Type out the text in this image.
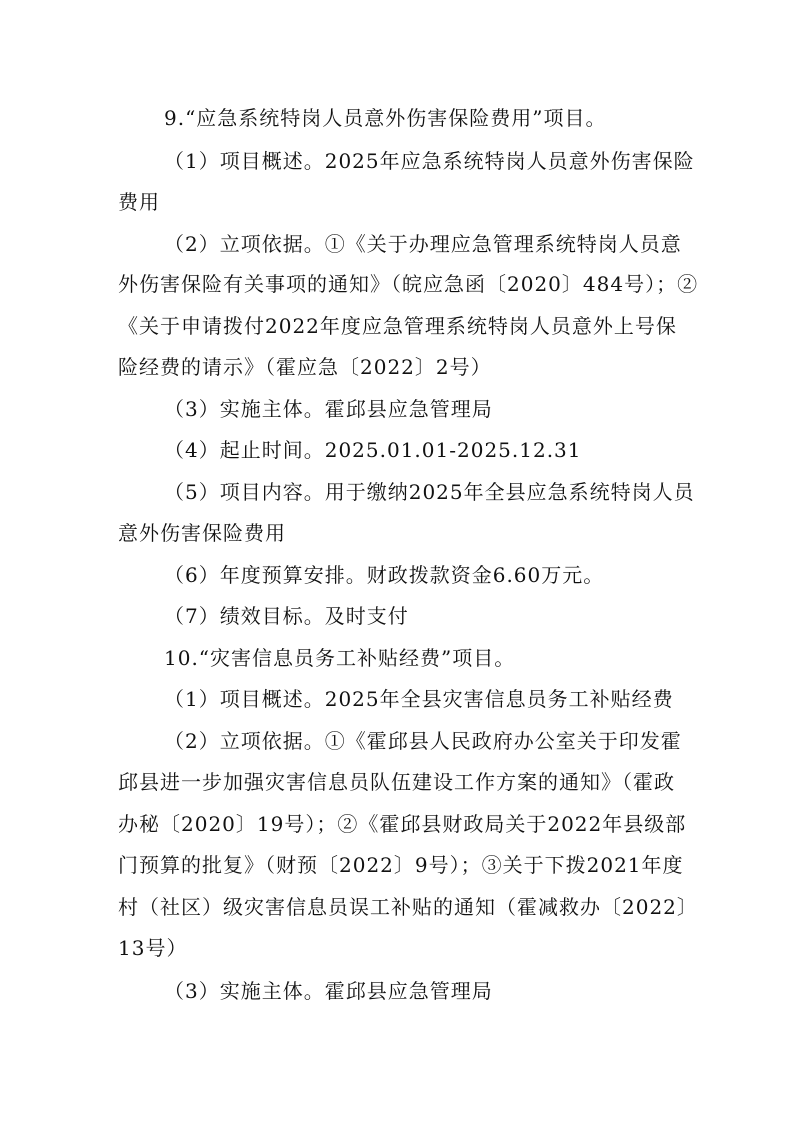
9.“应急系统特岗人员意外伤害保险费用”项目。
（1）项目概述。2025年应急系统特岗人员意外伤害保险
费用
（2）立项依据。①《关于办理应急管理系统特岗人员意
外伤害保险有关事项的通知》（皖应急函〔2020〕484号）；②
《关于申请拨付2022年度应急管理系统特岗人员意外上号保
险经费的请示》（霍应急〔2022〕2号）
（3）实施主体。霍邱县应急管理局
（4）起止时间。2025.01.01-2025.12.31
（5）项目内容。用于缴纳2025年全县应急系统特岗人员
意外伤害保险费用
（6）年度预算安排。财政拨款资金6.60万元。
（7）绩效目标。及时支付
10.“灾害信息员务工补贴经费”项目。
（1）项目概述。2025年全县灾害信息员务工补贴经费
（2）立项依据。①《霍邱县人民政府办公室关于印发霍
邱县进一步加强灾害信息员队伍建设工作方案的通知》（霍政
办秘〔2020〕19号）；②《霍邱县财政局关于2022年县级部
门预算的批复》（财预〔2022〕9号）；③关于下拨2021年度
村（社区）级灾害信息员误工补贴的通知（霍减救办〔2022〕
13号）
（3）实施主体。霍邱县应急管理局
